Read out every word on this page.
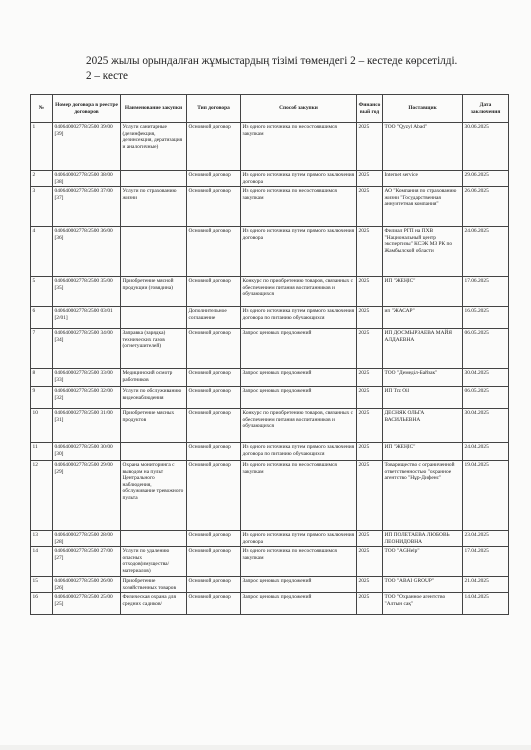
2025 жылы орындалған жұмыстардың тізімі төмендегі 2 – кестеде көрсетілді.
2 – кесте
№	Номер договора в реестре договоров	Наименование закупки	Тип договора	Способ закупки	Финансовый год	Поставщик	Дата заключения
1	040640002778/2500 39/00 [39]	Услуги санитарные (дезинфекция, дезинсекция, дератизация и аналогичные)	Основной договор	Из одного источника по несостоявшимся закупкам	2025	ТОО "Qyzyl Abad"	30.06.2025
2	040640002778/2500 38/00 [38]		Основной договор	Из одного источника путем прямого заключения договора	2025	Internet service	29.06.2025
3	040640002778/2500 37/00 [37]	Услуги по страхованию жизни	Основной договор	Из одного источника по несостоявшимся закупкам	2025	АО "Компания по страхованию жизни "Государственная аннуитетная компания"	26.06.2025
4	040640002778/2500 36/00 [36]		Основной договор	Из одного источника путем прямого заключения договора	2025	Филиал РГП на ПХВ "Национальный центр экспертизы" КСЭК МЗ РК по Жамбылской области	24.06.2025
5	040640002778/2500 35/00 [35]	Приобретение мясной продукции (говядина)	Основной договор	Конкурс по приобретению товаров, связанных с обеспечением питания воспитанников и обучающихся	2025	ИП "ЖЕҢІС"	17.06.2025
6	040640002778/2500 03/01 [2/01]		Дополнительное соглашение	Из одного источника путем прямого заключения договора по питанию обучающихся	2025	ип "ЖАСАР"	16.05.2025
7	040640002778/2500 34/00 [34]	Заправка (зарядка) технических газов (огнетушителей)	Основной договор	Запрос ценовых предложений	2025	ИП ДОСМЫРЗАЕВА МАЙЯ АЛДАЕВНА	06.05.2025
8	040640002778/2500 33/00 [33]	Медицинский осмотр работников	Основной договор	Запрос ценовых предложений	2025	ТОО "Демеділ-Байзак"	30.04.2025
9	040640002778/2500 32/00 [32]	Услуги по обслуживанию видеонаблюдения	Основной договор	Запрос ценовых предложений	2025	ИП Trz Oil	06.05.2025
10	040640002778/2500 31/00 [31]	Приобретение мясных продуктов	Основной договор	Конкурс по приобретению товаров, связанных с обеспечением питания воспитанников и обучающихся	2025	ДЕСНЯК ОЛЬГА ВАСИЛЬЕВНА	30.04.2025
11	040640002778/2500 30/00 [30]		Основной договор	Из одного источника путем прямого заключения договора по питанию обучающихся	2025	ИП "ЖЕҢІС"	24.04.2025
12	040640002778/2500 29/00 [29]	Охрана мониторинга с выводом на пульт Центрального наблюдения, обслуживание тревожного пульта	Основной договор	Из одного источника по несостоявшимся закупкам	2025	Товарищество с ограниченной ответственностью "охранное агентство "Нұр-Дифенс"	19.04.2025
13	040640002778/2500 28/00 [28]		Основной договор	Из одного источника путем прямого заключения договора	2025	ИП ПОЛЕТАЕВА ЛЮБОВЬ ЛЕОНИДОВНА	23.04.2025
14	040640002778/2500 27/00 [27]	Услуги по удалению опасных отходов(имущества/материалов)	Основной договор	Из одного источника по несостоявшимся закупкам	2025	ТОО "AGHelp"	17.04.2025
15	040640002778/2500 26/00 [26]	Приобретение хозяйственных товаров	Основной договор	Запрос ценовых предложений	2025	ТОО "ABAI GROUP"	21.04.2025
16	040640002778/2500 25/00 [25]	Физическая охрана для средних садиков/	Основной договор	Запрос ценовых предложений	2025	ТОО "Охранное агентство "Алтын сақ"	14.04.2025
